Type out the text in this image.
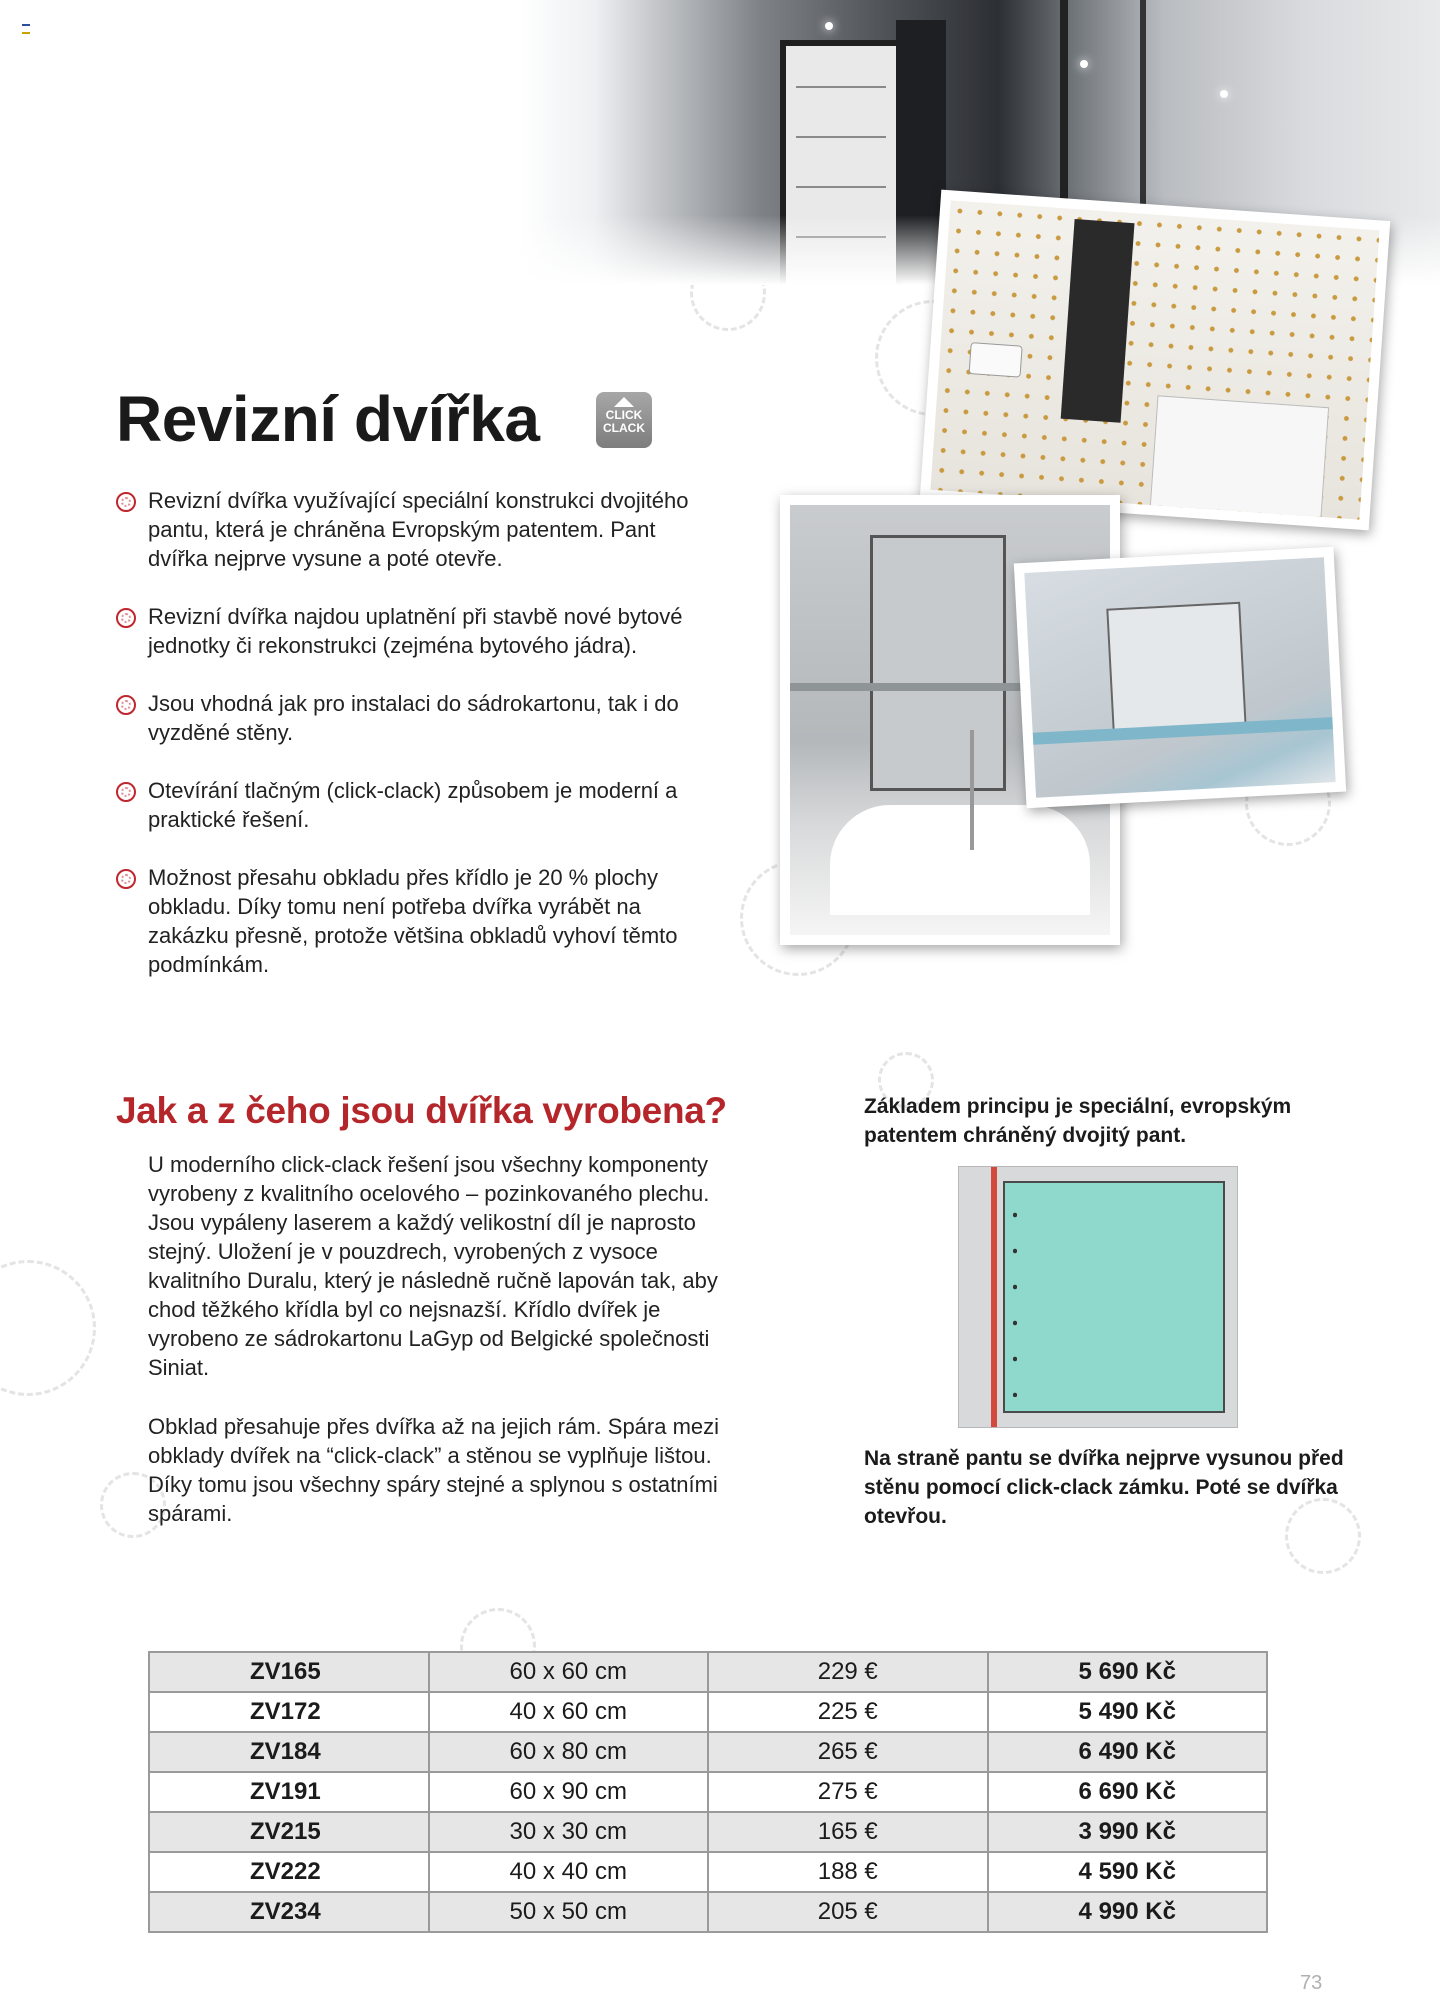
Revizní dvířka	CLICK
CLACK
Revizní dvířka využívající speciální konstrukci dvojitého pantu, která je chráněna Evropským patentem. Pant dvířka nejprve vysune a poté otevře.
Revizní dvířka najdou uplatnění při stavbě nové bytové jednotky či rekonstrukci (zejména bytového jádra).
Jsou vhodná jak pro instalaci do sádrokartonu, tak i do vyzděné stěny.
Otevírání tlačným (click-clack) způsobem je moderní a praktické řešení.
Možnost přesahu obkladu přes křídlo je 20 % plochy obkladu. Díky tomu není potřeba dvířka vyrábět na zakázku přesně, protože většina obkladů vyhoví těmto podmínkám.
Jak a z čeho jsou dvířka vyrobena?

U moderního click-clack řešení jsou všechny komponenty vyrobeny z kvalitního ocelového – pozinkovaného plechu. Jsou vypáleny laserem a každý velikostní díl je naprosto stejný. Uložení je v pouzdrech, vyrobených z vysoce kvalitního Duralu, který je následně ručně lapován tak, aby chod těžkého křídla byl co nejsnazší. Křídlo dvířek je vyrobeno ze sádrokartonu LaGyp od Belgické společnosti Siniat.

Obklad přesahuje přes dvířka až na jejich rám. Spára mezi obklady dvířek na “click-clack” a stěnou se vyplňuje lištou. Díky tomu jsou všechny spáry stejné a splynou s ostatními spárami.

Základem principu je speciální, evropským patentem chráněný dvojitý pant.

Na straně pantu se dvířka nejprve vysunou před stěnu pomocí click-clack zámku. Poté se dvířka otevřou.

ZV165	60 x 60 cm	229 €	5 690 Kč
ZV172	40 x 60 cm	225 €	5 490 Kč
ZV184	60 x 80 cm	265 €	6 490 Kč
ZV191	60 x 90 cm	275 €	6 690 Kč
ZV215	30 x 30 cm	165 €	3 990 Kč
ZV222	40 x 40 cm	188 €	4 590 Kč
ZV234	50 x 50 cm	205 €	4 990 Kč
73
